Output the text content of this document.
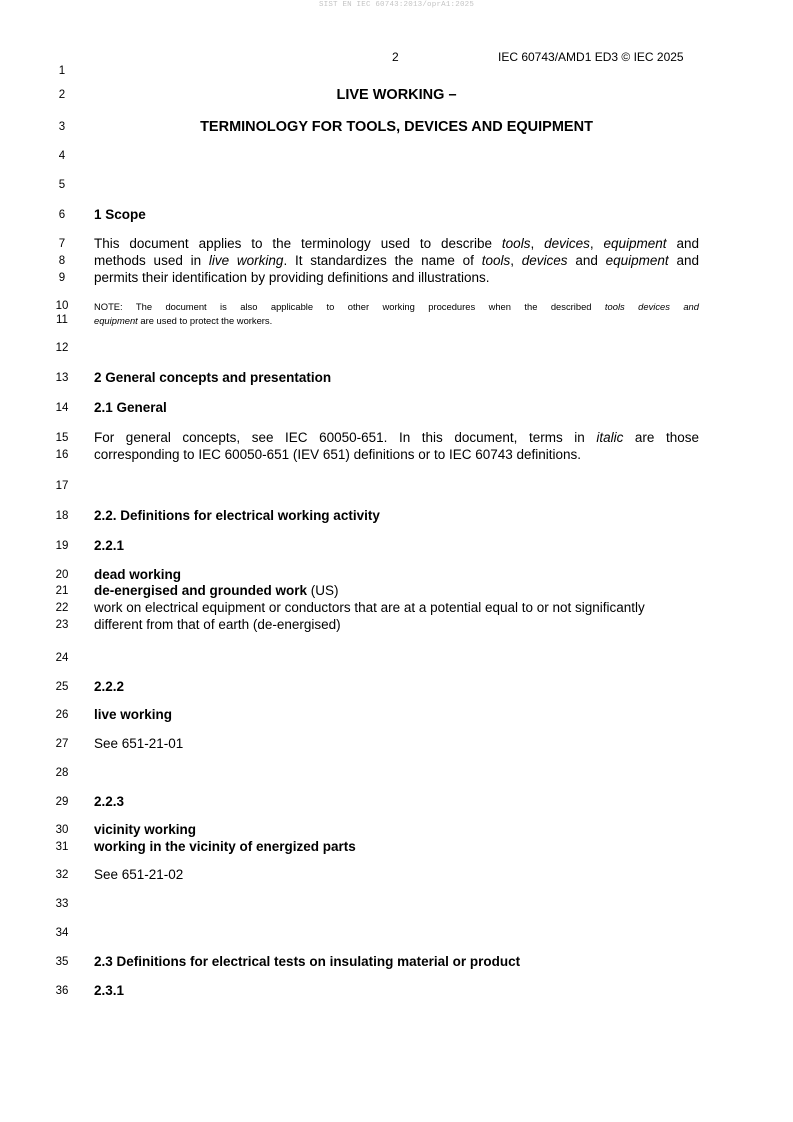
SIST EN IEC 60743:2013/oprA1:2025
2	IEC 60743/AMD1 ED3 © IEC 2025
1
2
3
4
5
6
7
8
9
10
11
12
13
14
15
16
17
18
19
20
21
22
23
24
25
26
27
28
29
30
31
32
33
34
35
36
LIVE WORKING –
TERMINOLOGY FOR TOOLS, DEVICES AND EQUIPMENT
1 Scope
This document applies to the terminology used to describe tools, devices, equipment and
methods used in live working. It standardizes the name of tools, devices and equipment and
permits their identification by providing definitions and illustrations.
NOTE: The document is also applicable to other working procedures when the described tools devices and
equipment are used to protect the workers.
2 General concepts and presentation
2.1 General
For general concepts, see IEC 60050-651. In this document, terms in italic are those
corresponding to IEC 60050-651 (IEV 651) definitions or to IEC 60743 definitions.
2.2. Definitions for electrical working activity
2.2.1
dead working
de-energised and grounded work (US)
work on electrical equipment or conductors that are at a potential equal to or not significantly
different from that of earth (de-energised)
2.2.2
live working
See 651-21-01
2.2.3
vicinity working
working in the vicinity of energized parts
See 651-21-02
2.3 Definitions for electrical tests on insulating material or product
2.3.1
